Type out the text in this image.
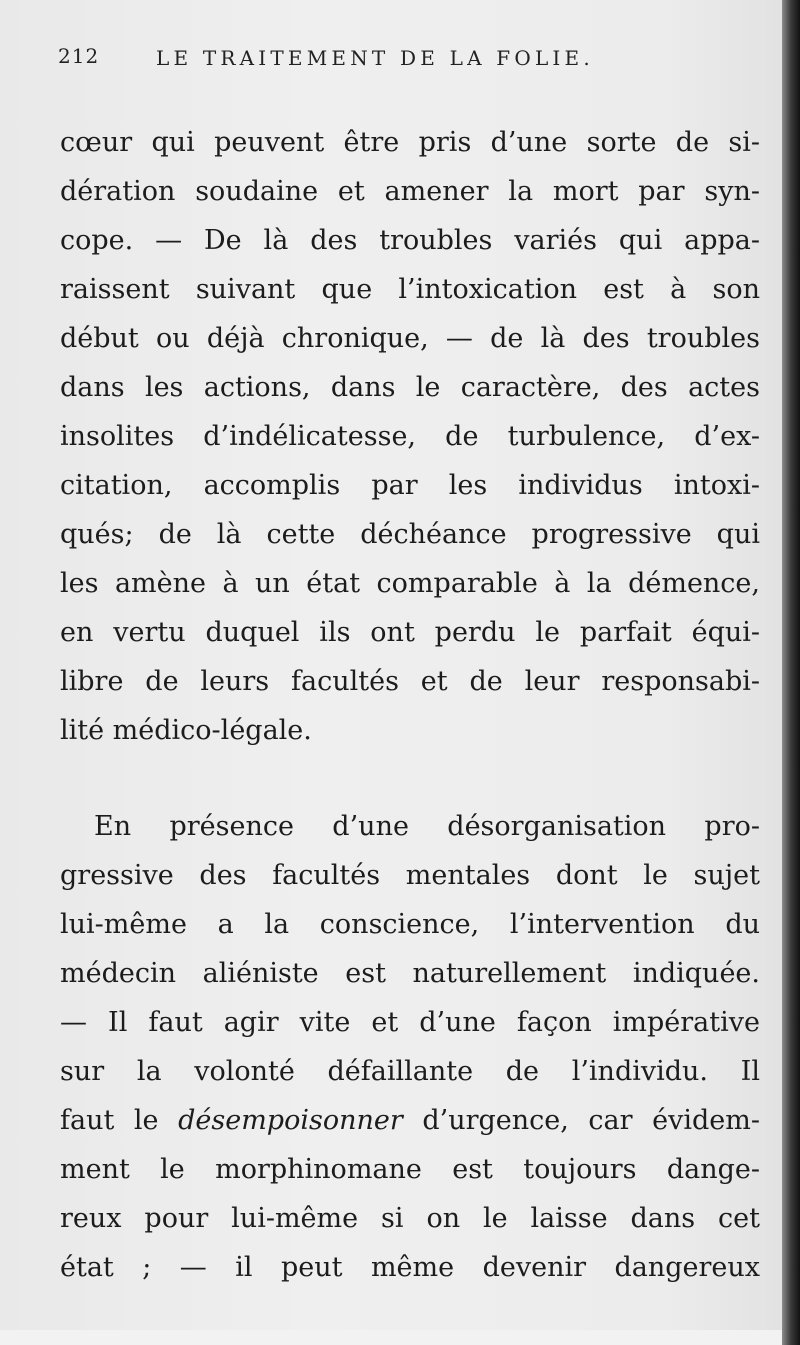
212	LE TRAITEMENT DE LA FOLIE.
cœur qui peuvent être pris d’une sorte de si-
dération soudaine et amener la mort par syn-
cope. — De là des troubles variés qui appa-
raissent suivant que l’intoxication est à son
début ou déjà chronique, — de là des troubles
dans les actions, dans le caractère, des actes
insolites d’indélicatesse, de turbulence, d’ex-
citation, accomplis par les individus intoxi-
qués; de là cette déchéance progressive qui
les amène à un état comparable à la démence,
en vertu duquel ils ont perdu le parfait équi-
libre de leurs facultés et de leur responsabi-
lité médico-légale.
En présence d’une désorganisation pro-
gressive des facultés mentales dont le sujet
lui-même a la conscience, l’intervention du
médecin aliéniste est naturellement indiquée.
— Il faut agir vite et d’une façon impérative
sur la volonté défaillante de l’individu. Il
faut le désempoisonner d’urgence, car évidem-
ment le morphinomane est toujours dange-
reux pour lui-même si on le laisse dans cet
état ; — il peut même devenir dangereux
